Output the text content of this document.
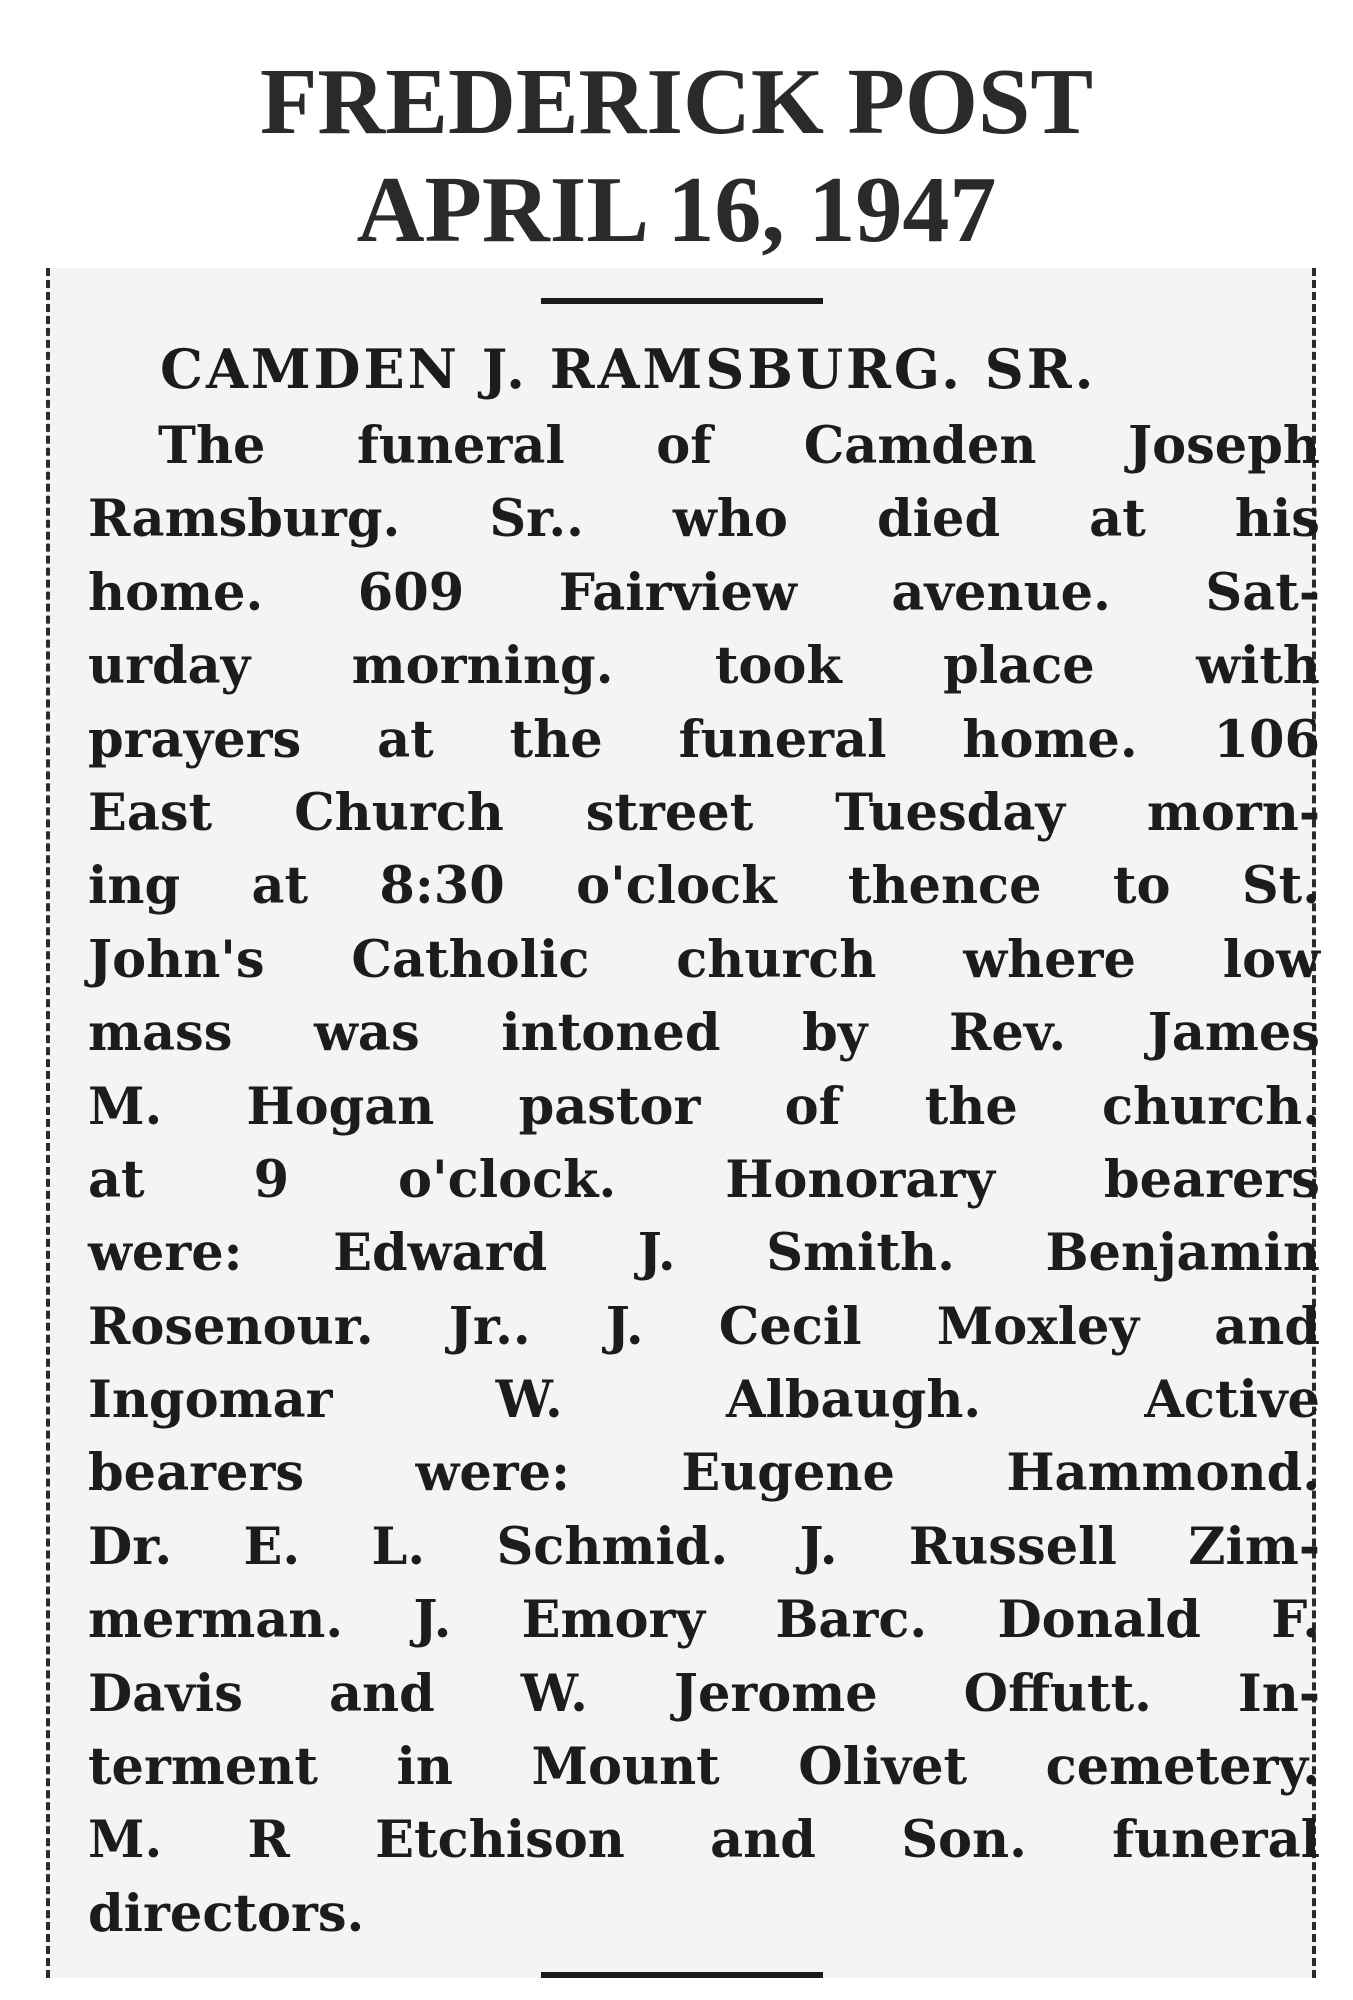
FREDERICK POST
APRIL 16, 1947
CAMDEN J. RAMSBURG. SR.
The funeral of Camden Joseph
Ramsburg. Sr.. who died at his
home. 609 Fairview avenue. Sat-
urday morning. took place with
prayers at the funeral home. 106
East Church street Tuesday morn-
ing at 8:30 o'clock thence to St.
John's Catholic church where low
mass was intoned by Rev. James
M. Hogan pastor of the church.
at 9 o'clock. Honorary bearers
were: Edward J. Smith. Benjamin
Rosenour. Jr.. J. Cecil Moxley and
Ingomar W. Albaugh. Active
bearers were: Eugene Hammond.
Dr. E. L. Schmid. J. Russell Zim-
merman. J. Emory Barc. Donald F.
Davis and W. Jerome Offutt. In-
terment in Mount Olivet cemetery.
M. R Etchison and Son. funeral
directors.
